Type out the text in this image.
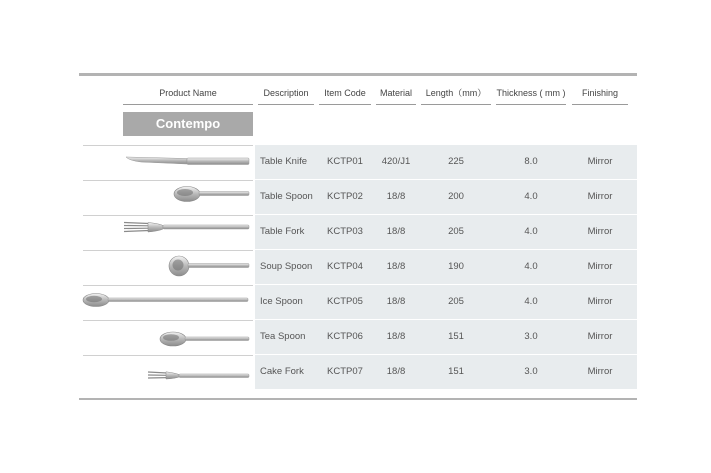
Product Name	Description	Item Code	Material	Length（mm）	Thickness ( mm )	Finishing
Contempo
Table Knife	KCTP01	420/J1	225	8.0	Mirror
Table Spoon	KCTP02	18/8	200	4.0	Mirror
Table Fork	KCTP03	18/8	205	4.0	Mirror
Soup Spoon	KCTP04	18/8	190	4.0	Mirror
Ice Spoon	KCTP05	18/8	205	4.0	Mirror
Tea Spoon	KCTP06	18/8	151	3.0	Mirror
Cake Fork	KCTP07	18/8	151	3.0	Mirror
